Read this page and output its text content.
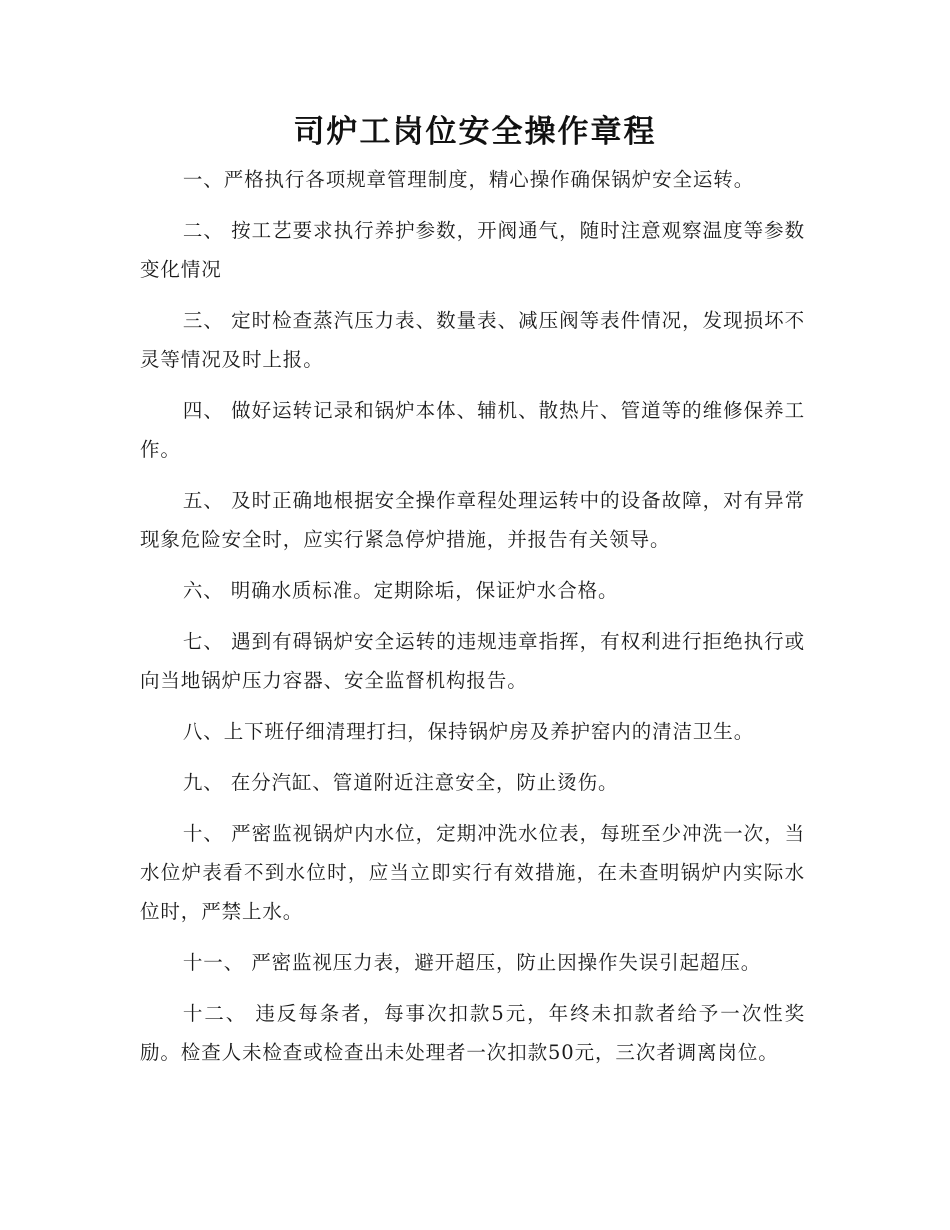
司炉工岗位安全操作章程

一、严格执行各项规章管理制度，精心操作确保锅炉安全运转。

二、 按工艺要求执行养护参数，开阀通气，随时注意观察温度等参数变化情况

三、 定时检查蒸汽压力表、数量表、减压阀等表件情况，发现损坏不灵等情况及时上报。

四、 做好运转记录和锅炉本体、辅机、散热片、管道等的维修保养工作。

五、 及时正确地根据安全操作章程处理运转中的设备故障，对有异常现象危险安全时，应实行紧急停炉措施，并报告有关领导。

六、 明确水质标准。定期除垢，保证炉水合格。

七、 遇到有碍锅炉安全运转的违规违章指挥，有权利进行拒绝执行或向当地锅炉压力容器、安全监督机构报告。

八、上下班仔细清理打扫，保持锅炉房及养护窑内的清洁卫生。

九、 在分汽缸、管道附近注意安全，防止烫伤。

十、 严密监视锅炉内水位，定期冲洗水位表，每班至少冲洗一次，当水位炉表看不到水位时，应当立即实行有效措施，在未查明锅炉内实际水位时，严禁上水。

十一、 严密监视压力表，避开超压，防止因操作失误引起超压。

十二、 违反每条者，每事次扣款5元，年终未扣款者给予一次性奖励。检查人未检查或检查出未处理者一次扣款50元，三次者调离岗位。
